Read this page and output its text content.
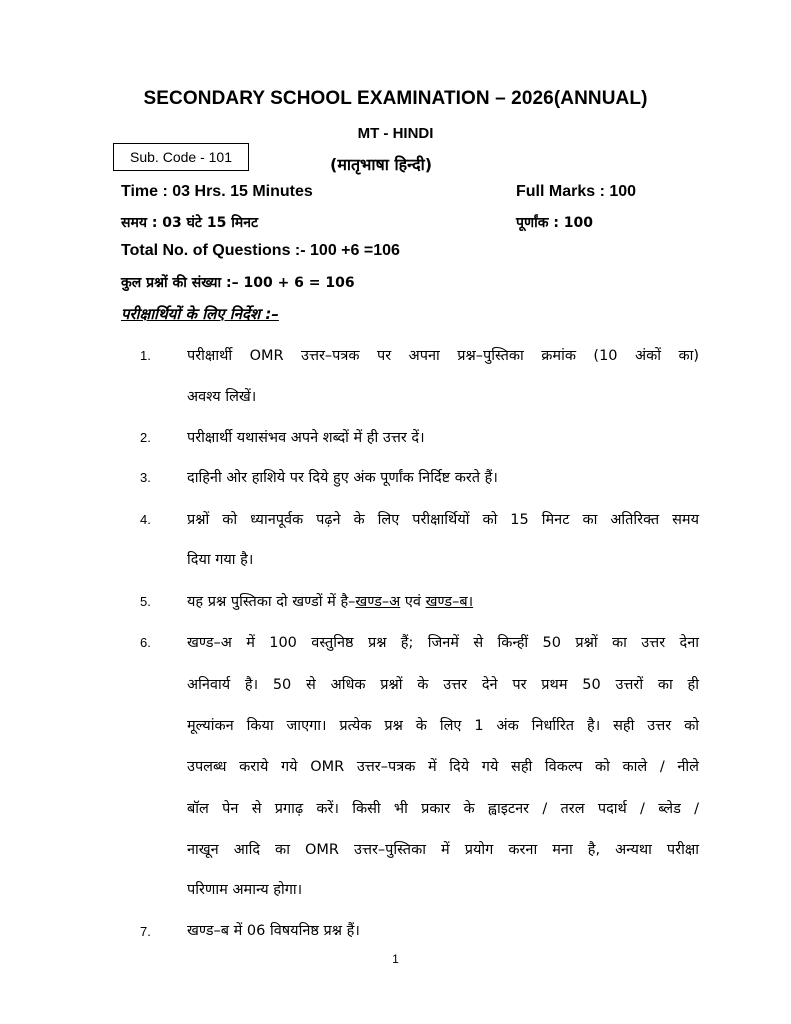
SECONDARY SCHOOL EXAMINATION – 2026(ANNUAL)
MT - HINDI
Sub. Code - 101	(मातृभाषा हिन्दी)
Time : 03 Hrs. 15 Minutes	Full Marks : 100
समय : 03 घंटे 15 मिनट	पूर्णांक : 100
Total No. of Questions :- 100 +6 =106
कुल प्रश्नों की संख्या :– 100 + 6 = 106
परीक्षार्थियों के लिए निर्देश :–
1. परीक्षार्थी OMR उत्तर–पत्रक पर अपना प्रश्न–पुस्तिका क्रमांक (10 अंकों का)
अवश्य लिखें।
2. परीक्षार्थी यथासंभव अपने शब्दों में ही उत्तर दें।
3. दाहिनी ओर हाशिये पर दिये हुए अंक पूर्णांक निर्दिष्ट करते हैं।
4. प्रश्नों को ध्यानपूर्वक पढ़ने के लिए परीक्षार्थियों को 15 मिनट का अतिरिक्त समय
दिया गया है।
5. यह प्रश्न पुस्तिका दो खण्डों में है–खण्ड–अ एवं खण्ड–ब।
6. खण्ड–अ में 100 वस्तुनिष्ठ प्रश्न हैं; जिनमें से किन्हीं 50 प्रश्नों का उत्तर देना
अनिवार्य है। 50 से अधिक प्रश्नों के उत्तर देने पर प्रथम 50 उत्तरों का ही
मूल्यांकन किया जाएगा। प्रत्येक प्रश्न के लिए 1 अंक निर्धारित है। सही उत्तर को
उपलब्ध कराये गये OMR उत्तर–पत्रक में दिये गये सही विकल्प को काले / नीले
बॉल पेन से प्रगाढ़ करें। किसी भी प्रकार के ह्वाइटनर / तरल पदार्थ / ब्लेड /
नाखून आदि का OMR उत्तर–पुस्तिका में प्रयोग करना मना है, अन्यथा परीक्षा
परिणाम अमान्य होगा।
7. खण्ड–ब में 06 विषयनिष्ठ प्रश्न हैं।
1
